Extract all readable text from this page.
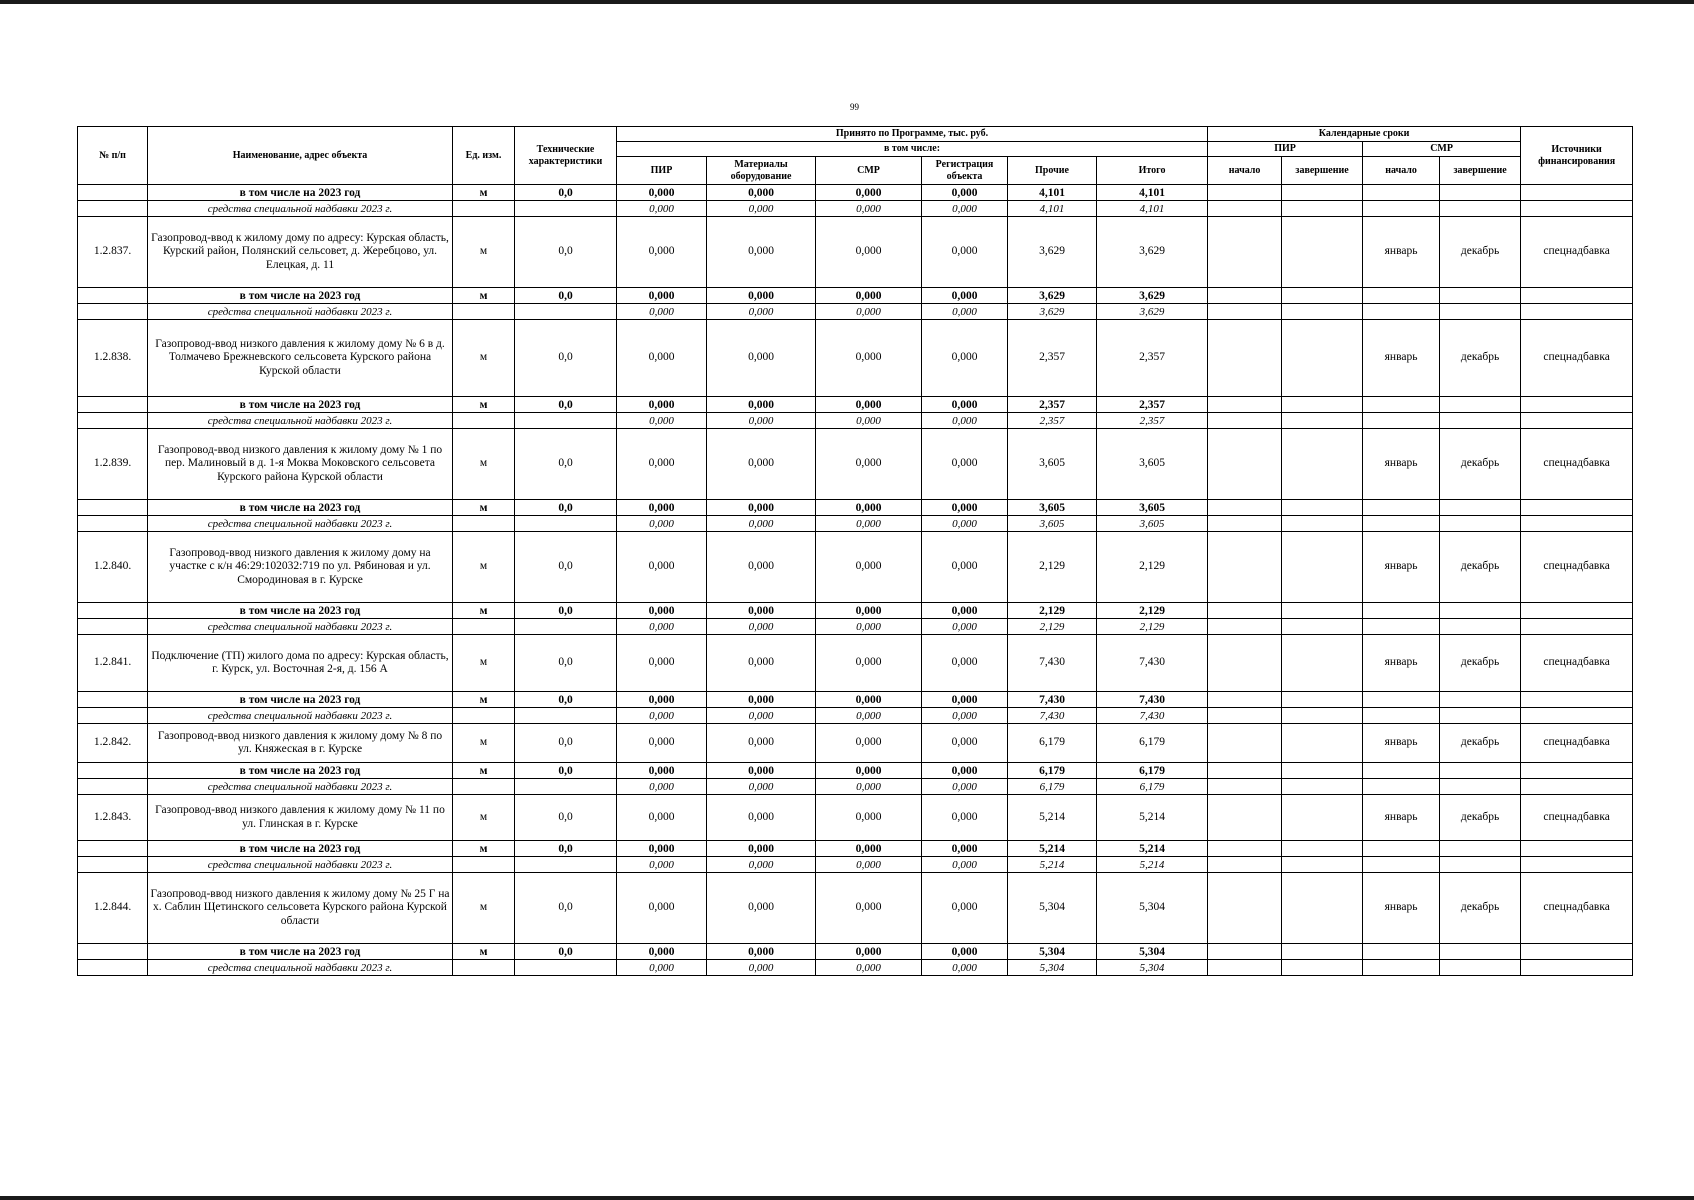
99
№ п/п	Наименование, адрес объекта	Ед. изм.	Технические характеристики	Принято по Программе, тыс. руб.						Календарные сроки				Источники финансирования
				в том числе:						ПИР		СМР		
				ПИР	Материалы оборудование	СМР	Регистрация объекта	Прочие	Итого	начало	завершение	начало	завершение	
	в том числе на 2023 год	м	0,0	0,000	0,000	0,000	0,000	4,101	4,101					
	средства специальной надбавки 2023 г.			0,000	0,000	0,000	0,000	4,101	4,101					
1.2.837.	Газопровод-ввод к жилому дому по адресу: Курская область, Курский район, Полянский сельсовет, д. Жеребцово, ул. Елецкая, д. 11	м	0,0	0,000	0,000	0,000	0,000	3,629	3,629			январь	декабрь	спецнадбавка
	в том числе на 2023 год	м	0,0	0,000	0,000	0,000	0,000	3,629	3,629					
	средства специальной надбавки 2023 г.			0,000	0,000	0,000	0,000	3,629	3,629					
1.2.838.	Газопровод-ввод низкого давления к жилому дому № 6 в д. Толмачево Брежневского сельсовета Курского района Курской области	м	0,0	0,000	0,000	0,000	0,000	2,357	2,357			январь	декабрь	спецнадбавка
	в том числе на 2023 год	м	0,0	0,000	0,000	0,000	0,000	2,357	2,357					
	средства специальной надбавки 2023 г.			0,000	0,000	0,000	0,000	2,357	2,357					
1.2.839.	Газопровод-ввод низкого давления к жилому дому № 1 по пер. Малиновый в д. 1-я Моква Моковского сельсовета Курского района Курской области	м	0,0	0,000	0,000	0,000	0,000	3,605	3,605			январь	декабрь	спецнадбавка
	в том числе на 2023 год	м	0,0	0,000	0,000	0,000	0,000	3,605	3,605					
	средства специальной надбавки 2023 г.			0,000	0,000	0,000	0,000	3,605	3,605					
1.2.840.	Газопровод-ввод низкого давления к жилому дому на участке с к/н 46:29:102032:719 по ул. Рябиновая и ул. Смородиновая в г. Курске	м	0,0	0,000	0,000	0,000	0,000	2,129	2,129			январь	декабрь	спецнадбавка
	в том числе на 2023 год	м	0,0	0,000	0,000	0,000	0,000	2,129	2,129					
	средства специальной надбавки 2023 г.			0,000	0,000	0,000	0,000	2,129	2,129					
1.2.841.	Подключение (ТП) жилого дома по адресу: Курская область, г. Курск, ул. Восточная 2-я, д. 156 А	м	0,0	0,000	0,000	0,000	0,000	7,430	7,430			январь	декабрь	спецнадбавка
	в том числе на 2023 год	м	0,0	0,000	0,000	0,000	0,000	7,430	7,430					
	средства специальной надбавки 2023 г.			0,000	0,000	0,000	0,000	7,430	7,430					
1.2.842.	Газопровод-ввод низкого давления к жилому дому № 8 по ул. Княжеская в г. Курске	м	0,0	0,000	0,000	0,000	0,000	6,179	6,179			январь	декабрь	спецнадбавка
	в том числе на 2023 год	м	0,0	0,000	0,000	0,000	0,000	6,179	6,179					
	средства специальной надбавки 2023 г.			0,000	0,000	0,000	0,000	6,179	6,179					
1.2.843.	Газопровод-ввод низкого давления к жилому дому № 11 по ул. Глинская в г. Курске	м	0,0	0,000	0,000	0,000	0,000	5,214	5,214			январь	декабрь	спецнадбавка
	в том числе на 2023 год	м	0,0	0,000	0,000	0,000	0,000	5,214	5,214					
	средства специальной надбавки 2023 г.			0,000	0,000	0,000	0,000	5,214	5,214					
1.2.844.	Газопровод-ввод низкого давления к жилому дому № 25 Г на х. Саблин Щетинского сельсовета Курского района Курской области	м	0,0	0,000	0,000	0,000	0,000	5,304	5,304			январь	декабрь	спецнадбавка
	в том числе на 2023 год	м	0,0	0,000	0,000	0,000	0,000	5,304	5,304					
	средства специальной надбавки 2023 г.			0,000	0,000	0,000	0,000	5,304	5,304					
